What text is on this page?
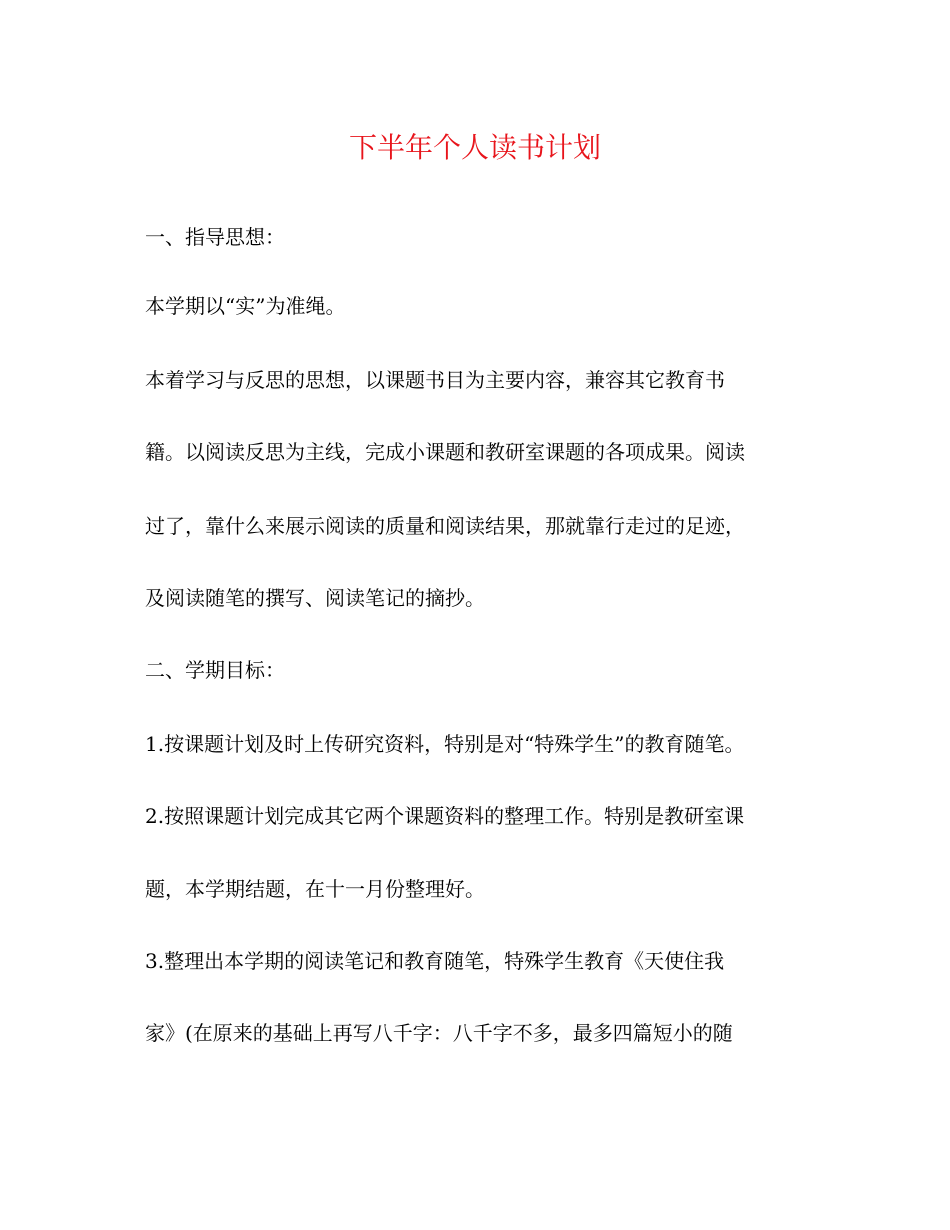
下半年个人读书计划
一、指导思想：
本学期以“实”为准绳。
本着学习与反思的思想，以课题书目为主要内容，兼容其它教育书
籍。以阅读反思为主线，完成小课题和教研室课题的各项成果。阅读
过了，靠什么来展示阅读的质量和阅读结果，那就靠行走过的足迹，
及阅读随笔的撰写、阅读笔记的摘抄。
二、学期目标：
1.按课题计划及时上传研究资料，特别是对“特殊学生”的教育随笔。
2.按照课题计划完成其它两个课题资料的整理工作。特别是教研室课
题，本学期结题，在十一月份整理好。
3.整理出本学期的阅读笔记和教育随笔，特殊学生教育《天使住我
家》(在原来的基础上再写八千字：八千字不多，最多四篇短小的随
